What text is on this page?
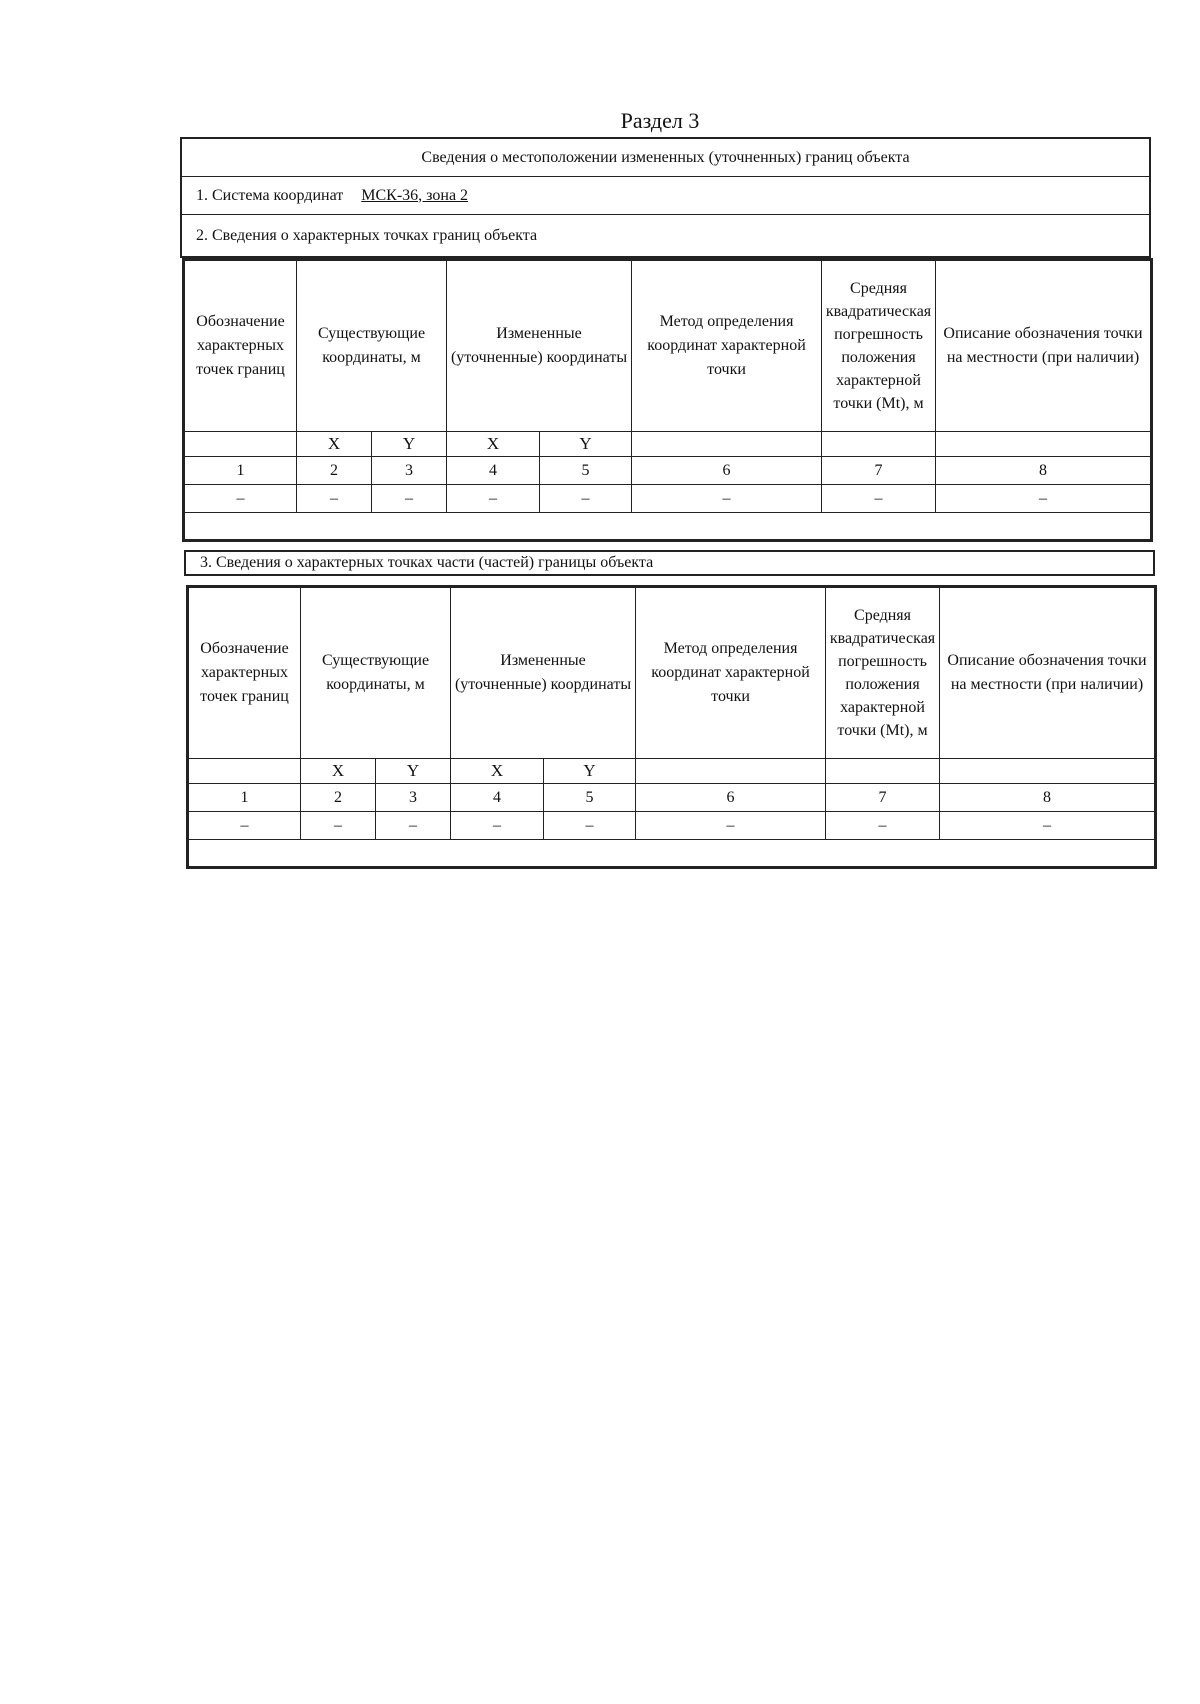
Раздел 3
Сведения о местоположении измененных (уточненных) границ объекта
1. Система координат МСК-36, зона 2
2. Сведения о характерных точках границ объекта
Обозначение характерных точек границ	Существующие координаты, м		Измененные (уточненные) координаты		Метод определения координат характерной точки	Средняя квадратическая погрешность положения характерной точки (Mt), м	Описание обозначения точки на местности (при наличии)
	X	Y	X	Y			
1	2	3	4	5	6	7	8
–	–	–	–	–	–	–	–

3. Сведения о характерных точках части (частей) границы объекта
Обозначение характерных точек границ	Существующие координаты, м		Измененные (уточненные) координаты		Метод определения координат характерной точки	Средняя квадратическая погрешность положения характерной точки (Mt), м	Описание обозначения точки на местности (при наличии)
	X	Y	X	Y			
1	2	3	4	5	6	7	8
–	–	–	–	–	–	–	–
